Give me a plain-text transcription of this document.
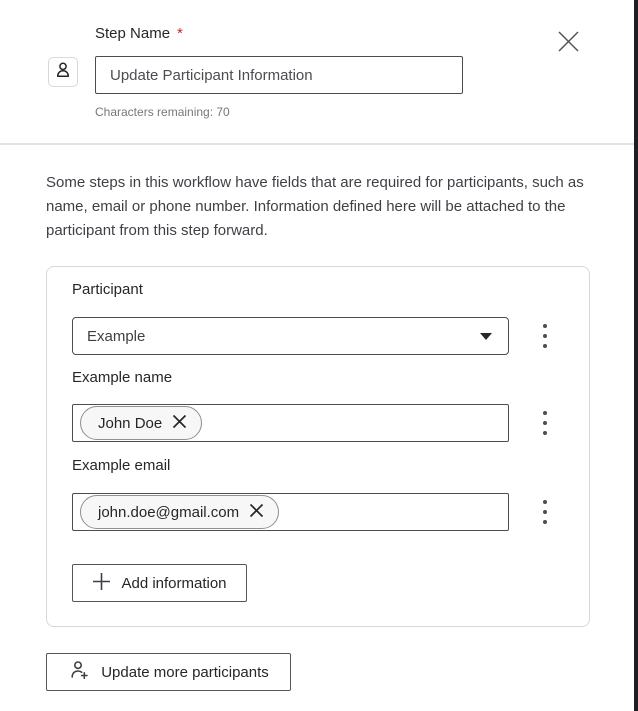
Step Name *
Update Participant Information
Characters remaining: 70

Some steps in this workflow have fields that are required for participants, such as name, email or phone number. Information defined here will be attached to the participant from this step forward.

Participant
Example
Example name
John Doe
Example email
john.doe@gmail.com
Add information
Update more participants
